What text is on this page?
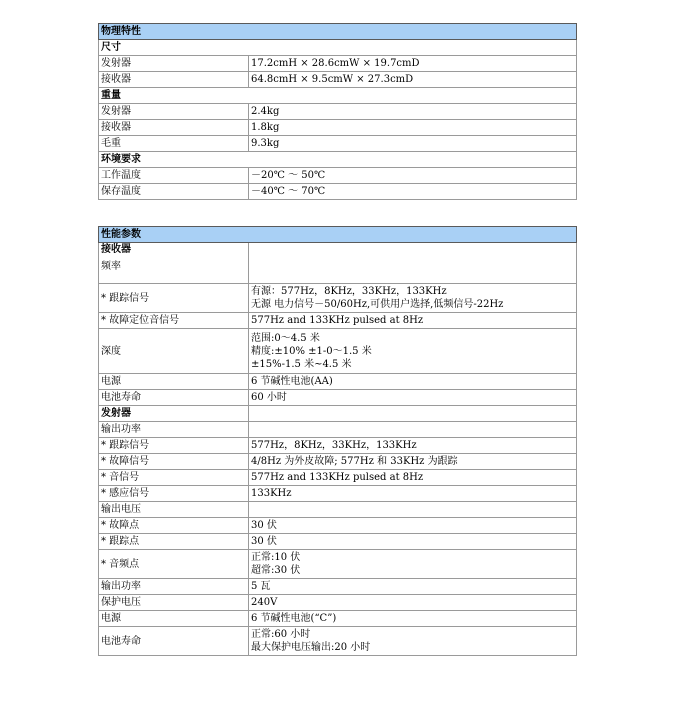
物理特性	
尺寸	
发射器	17.2cmH × 28.6cmW × 19.7cmD
接收器	64.8cmH × 9.5cmW × 27.3cmD
重量	
发射器	2.4kg
接收器	1.8kg
毛重	9.3kg
环境要求	
工作温度	－20℃ ～ 50℃
保存温度	－40℃ ～ 70℃
性能参数	

接收器
频率	

* 跟踪信号	有源：577Hz，8KHz，33KHz，133KHz
无源 电力信号－50/60Hz,可供用户选择,低频信号-22Hz

* 故障定位音信号	577Hz and 133KHz pulsed at 8Hz
深度	范围:0～4.5 米
精度:±10% ±1-0～1.5 米
±15%-1.5 米~4.5 米

电源	6 节碱性电池(AA)
电池寿命	60 小时
发射器	
输出功率	
* 跟踪信号	577Hz，8KHz，33KHz，133KHz
* 故障信号	4/8Hz 为外皮故障; 577Hz 和 33KHz 为跟踪
* 音信号	577Hz and 133KHz pulsed at 8Hz
* 感应信号	133KHz
输出电压	
* 故障点	30 伏
* 跟踪点	30 伏
* 音频点	正常:10 伏
超常:30 伏

输出功率	5 瓦
保护电压	240V
电源	6 节碱性电池(“C”)
电池寿命	正常:60 小时
最大保护电压输出:20 小时
